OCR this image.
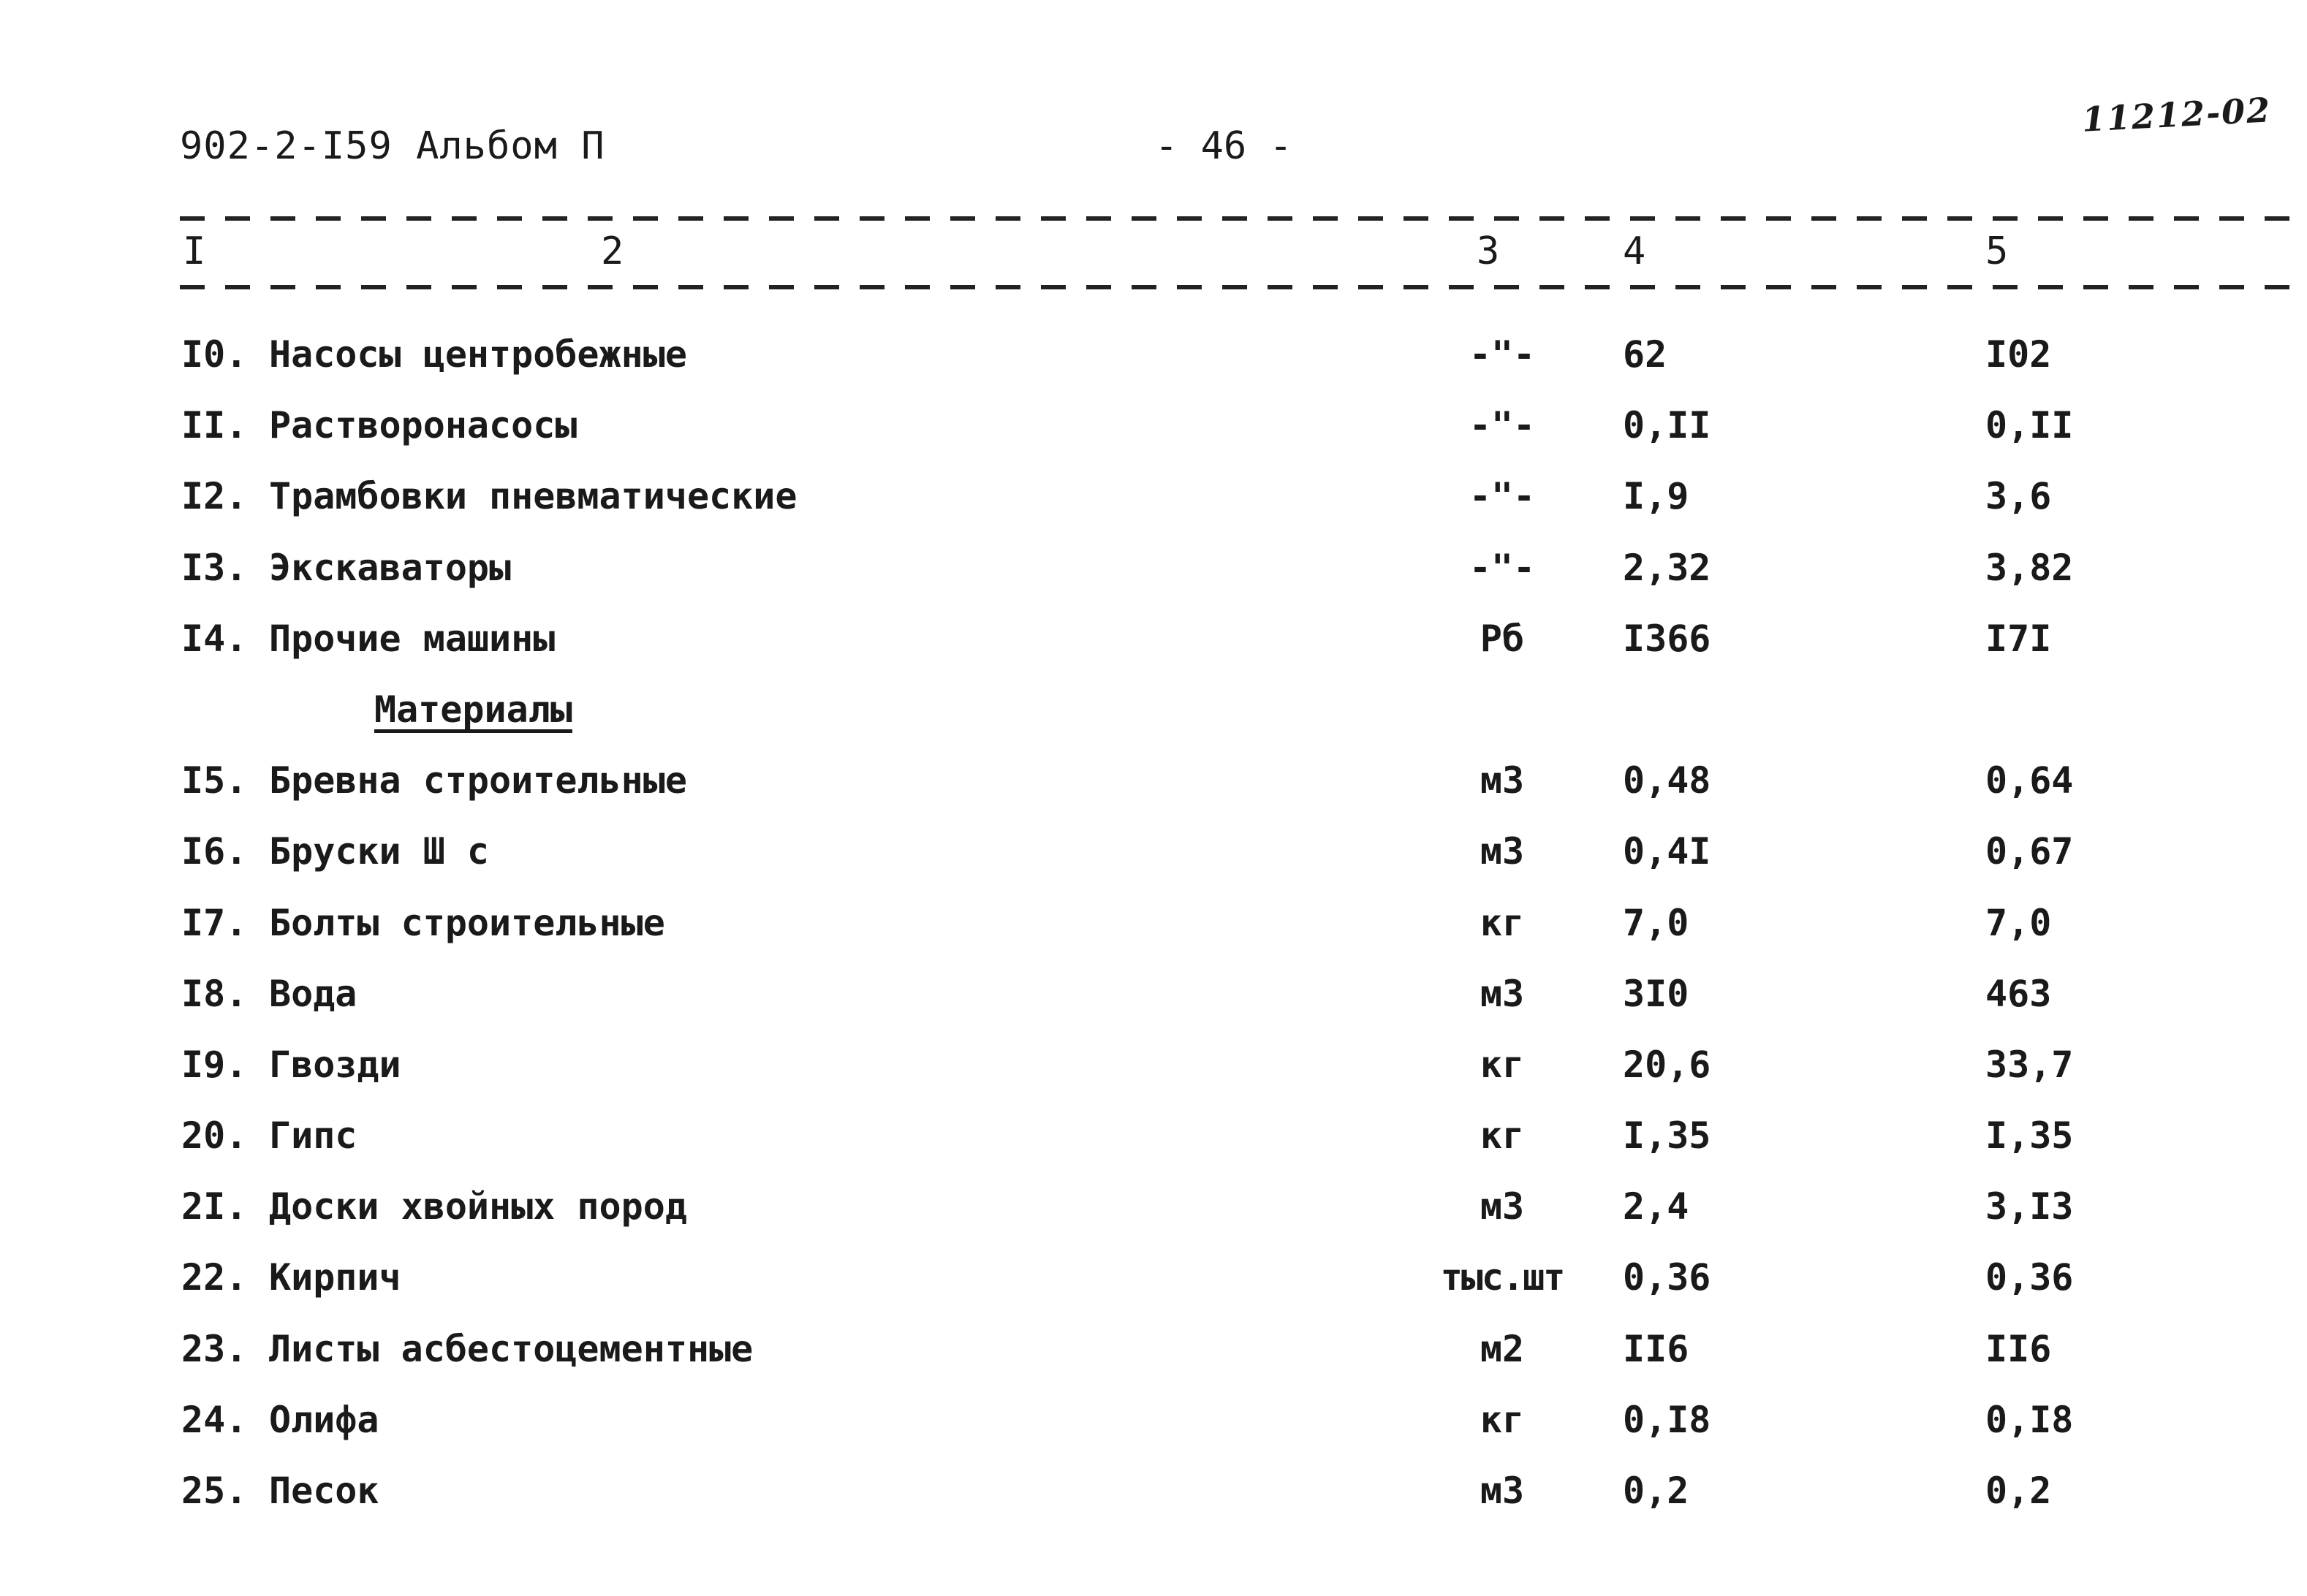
902-2-I59 Альбом П	- 46 -
11212-02
I	2	3	4	5
I0. Насосы центробежные	-"-	62	I02
II. Растворонасосы	-"-	0,II	0,II
I2. Трамбовки пневматические	-"-	I,9	3,6
I3. Экскаваторы	-"-	2,32	3,82
I4. Прочие машины	Рб	I366	I7I
Материалы
I5. Бревна строительные	м3	0,48	0,64
I6. Бруски Ш с	м3	0,4I	0,67
I7. Болты строительные	кг	7,0	7,0
I8. Вода	м3	3I0	463
I9. Гвозди	кг	20,6	33,7
20. Гипс	кг	I,35	I,35
2I. Доски хвойных пород	м3	2,4	3,I3
22. Кирпич	тыс.шт 0,36	0,36
23. Листы асбестоцементные	м2	II6	II6
24. Олифа	кг	0,I8	0,I8
25. Песок	м3	0,2	0,2
